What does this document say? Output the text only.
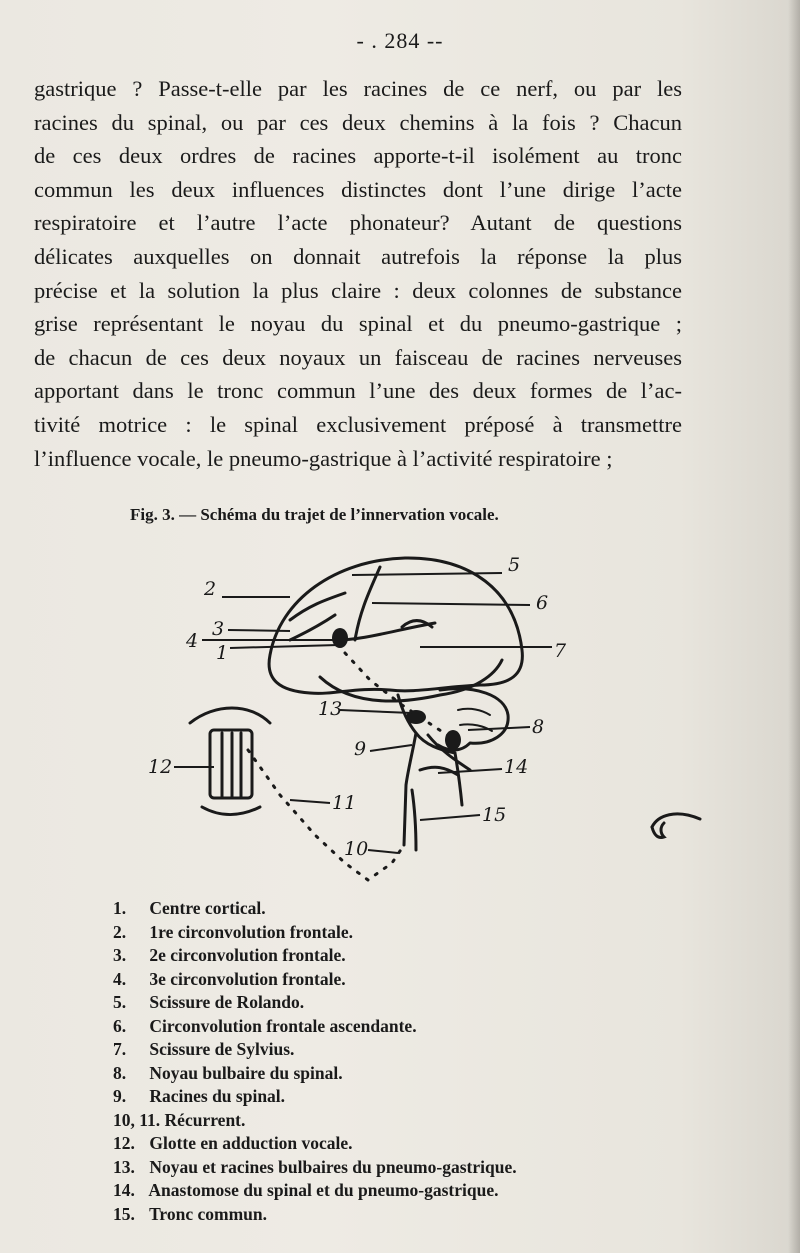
- . 284 --
gastrique ? Passe-t-elle par les racines de ce nerf, ou par les
racines du spinal, ou par ces deux chemins à la fois ? Chacun
de ces deux ordres de racines apporte-t-il isolément au tronc
commun les deux influences distinctes dont l’une dirige l’acte
respiratoire et l’autre l’acte phonateur? Autant de questions
délicates auxquelles on donnait autrefois la réponse la plus
précise et la solution la plus claire : deux colonnes de substance
grise représentant le noyau du spinal et du pneumo-gastrique ;
de chacun de ces deux noyaux un faisceau de racines nerveuses
apportant dans le tronc commun l’une des deux formes de l’ac-
tivité motrice : le spinal exclusivement préposé à transmettre
l’influence vocale, le pneumo-gastrique à l’activité respiratoire ;
Fig. 3. — Schéma du trajet de l’innervation vocale.
2
5
6
3
4
1	7
13
8
9
12	14
11
15
10
1. Centre cortical.
2. 1re circonvolution frontale.
3. 2e circonvolution frontale.
4. 3e circonvolution frontale.
5. Scissure de Rolando.
6. Circonvolution frontale ascendante.
7. Scissure de Sylvius.
8. Noyau bulbaire du spinal.
9. Racines du spinal.
10, 11. Récurrent.
12. Glotte en adduction vocale.
13. Noyau et racines bulbaires du pneumo-gastrique.
14. Anastomose du spinal et du pneumo-gastrique.
15. Tronc commun.
